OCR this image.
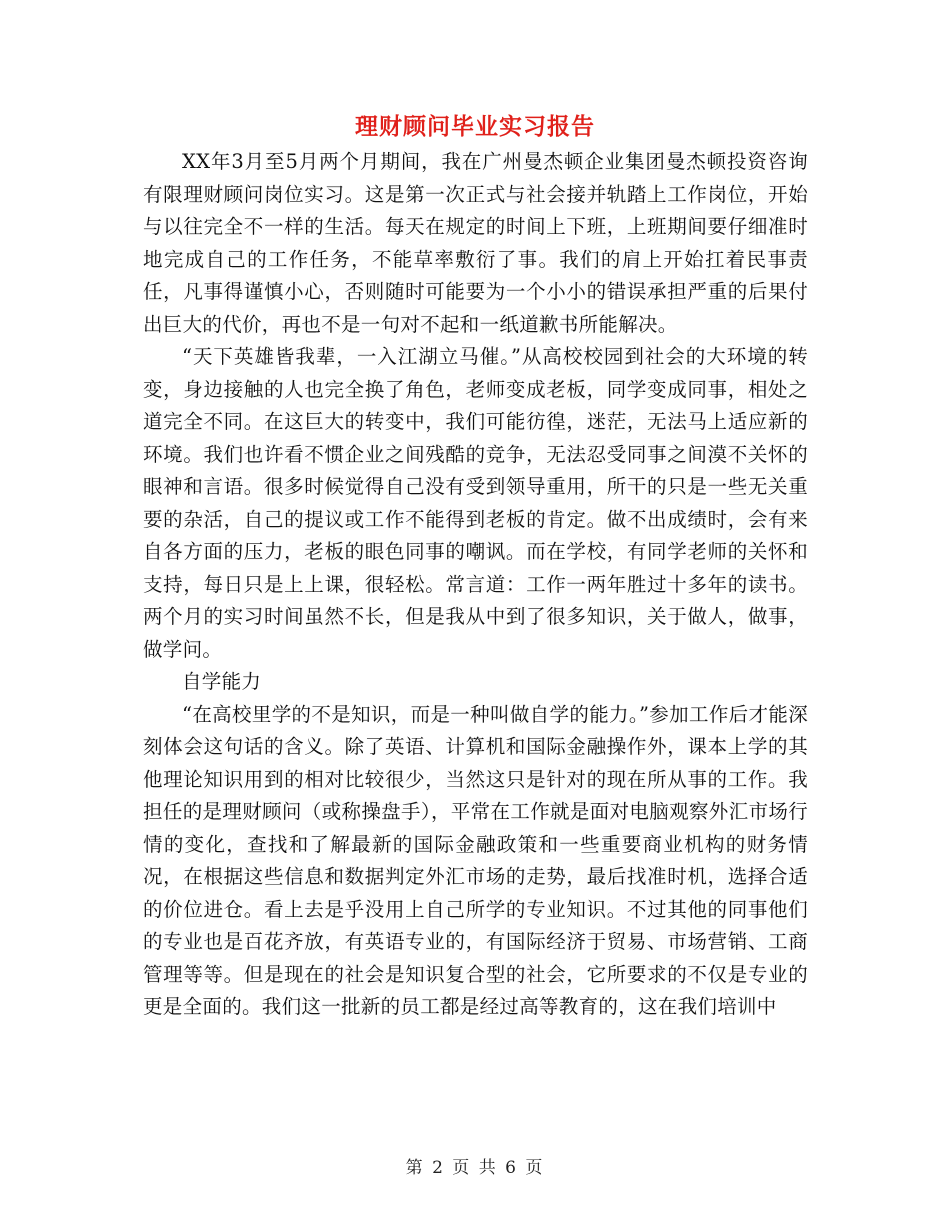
理财顾问毕业实习报告

XX年3月至5月两个月期间，我在广州曼杰顿企业集团曼杰顿投资咨询有限理财顾问岗位实习。这是第一次正式与社会接并轨踏上工作岗位，开始与以往完全不一样的生活。每天在规定的时间上下班，上班期间要仔细准时地完成自己的工作任务，不能草率敷衍了事。我们的肩上开始扛着民事责任，凡事得谨慎小心，否则随时可能要为一个小小的错误承担严重的后果付出巨大的代价，再也不是一句对不起和一纸道歉书所能解决。

“天下英雄皆我辈，一入江湖立马催。”从高校校园到社会的大环境的转变，身边接触的人也完全换了角色，老师变成老板，同学变成同事，相处之道完全不同。在这巨大的转变中，我们可能彷徨，迷茫，无法马上适应新的环境。我们也许看不惯企业之间残酷的竞争，无法忍受同事之间漠不关怀的眼神和言语。很多时候觉得自己没有受到领导重用，所干的只是一些无关重要的杂活，自己的提议或工作不能得到老板的肯定。做不出成绩时，会有来自各方面的压力，老板的眼色同事的嘲讽。而在学校，有同学老师的关怀和支持，每日只是上上课，很轻松。常言道：工作一两年胜过十多年的读书。两个月的实习时间虽然不长，但是我从中到了很多知识，关于做人，做事，做学问。

自学能力

“在高校里学的不是知识，而是一种叫做自学的能力。”参加工作后才能深刻体会这句话的含义。除了英语、计算机和国际金融操作外，课本上学的其他理论知识用到的相对比较很少，当然这只是针对的现在所从事的工作。我担任的是理财顾问（或称操盘手），平常在工作就是面对电脑观察外汇市场行情的变化，查找和了解最新的国际金融政策和一些重要商业机构的财务情况，在根据这些信息和数据判定外汇市场的走势，最后找准时机，选择合适的价位进仓。看上去是乎没用上自己所学的专业知识。不过其他的同事他们的专业也是百花齐放，有英语专业的，有国际经济于贸易、市场营销、工商管理等等。但是现在的社会是知识复合型的社会，它所要求的不仅是专业的更是全面的。我们这一批新的员工都是经过高等教育的，这在我们培训中

第 2 页 共 6 页
